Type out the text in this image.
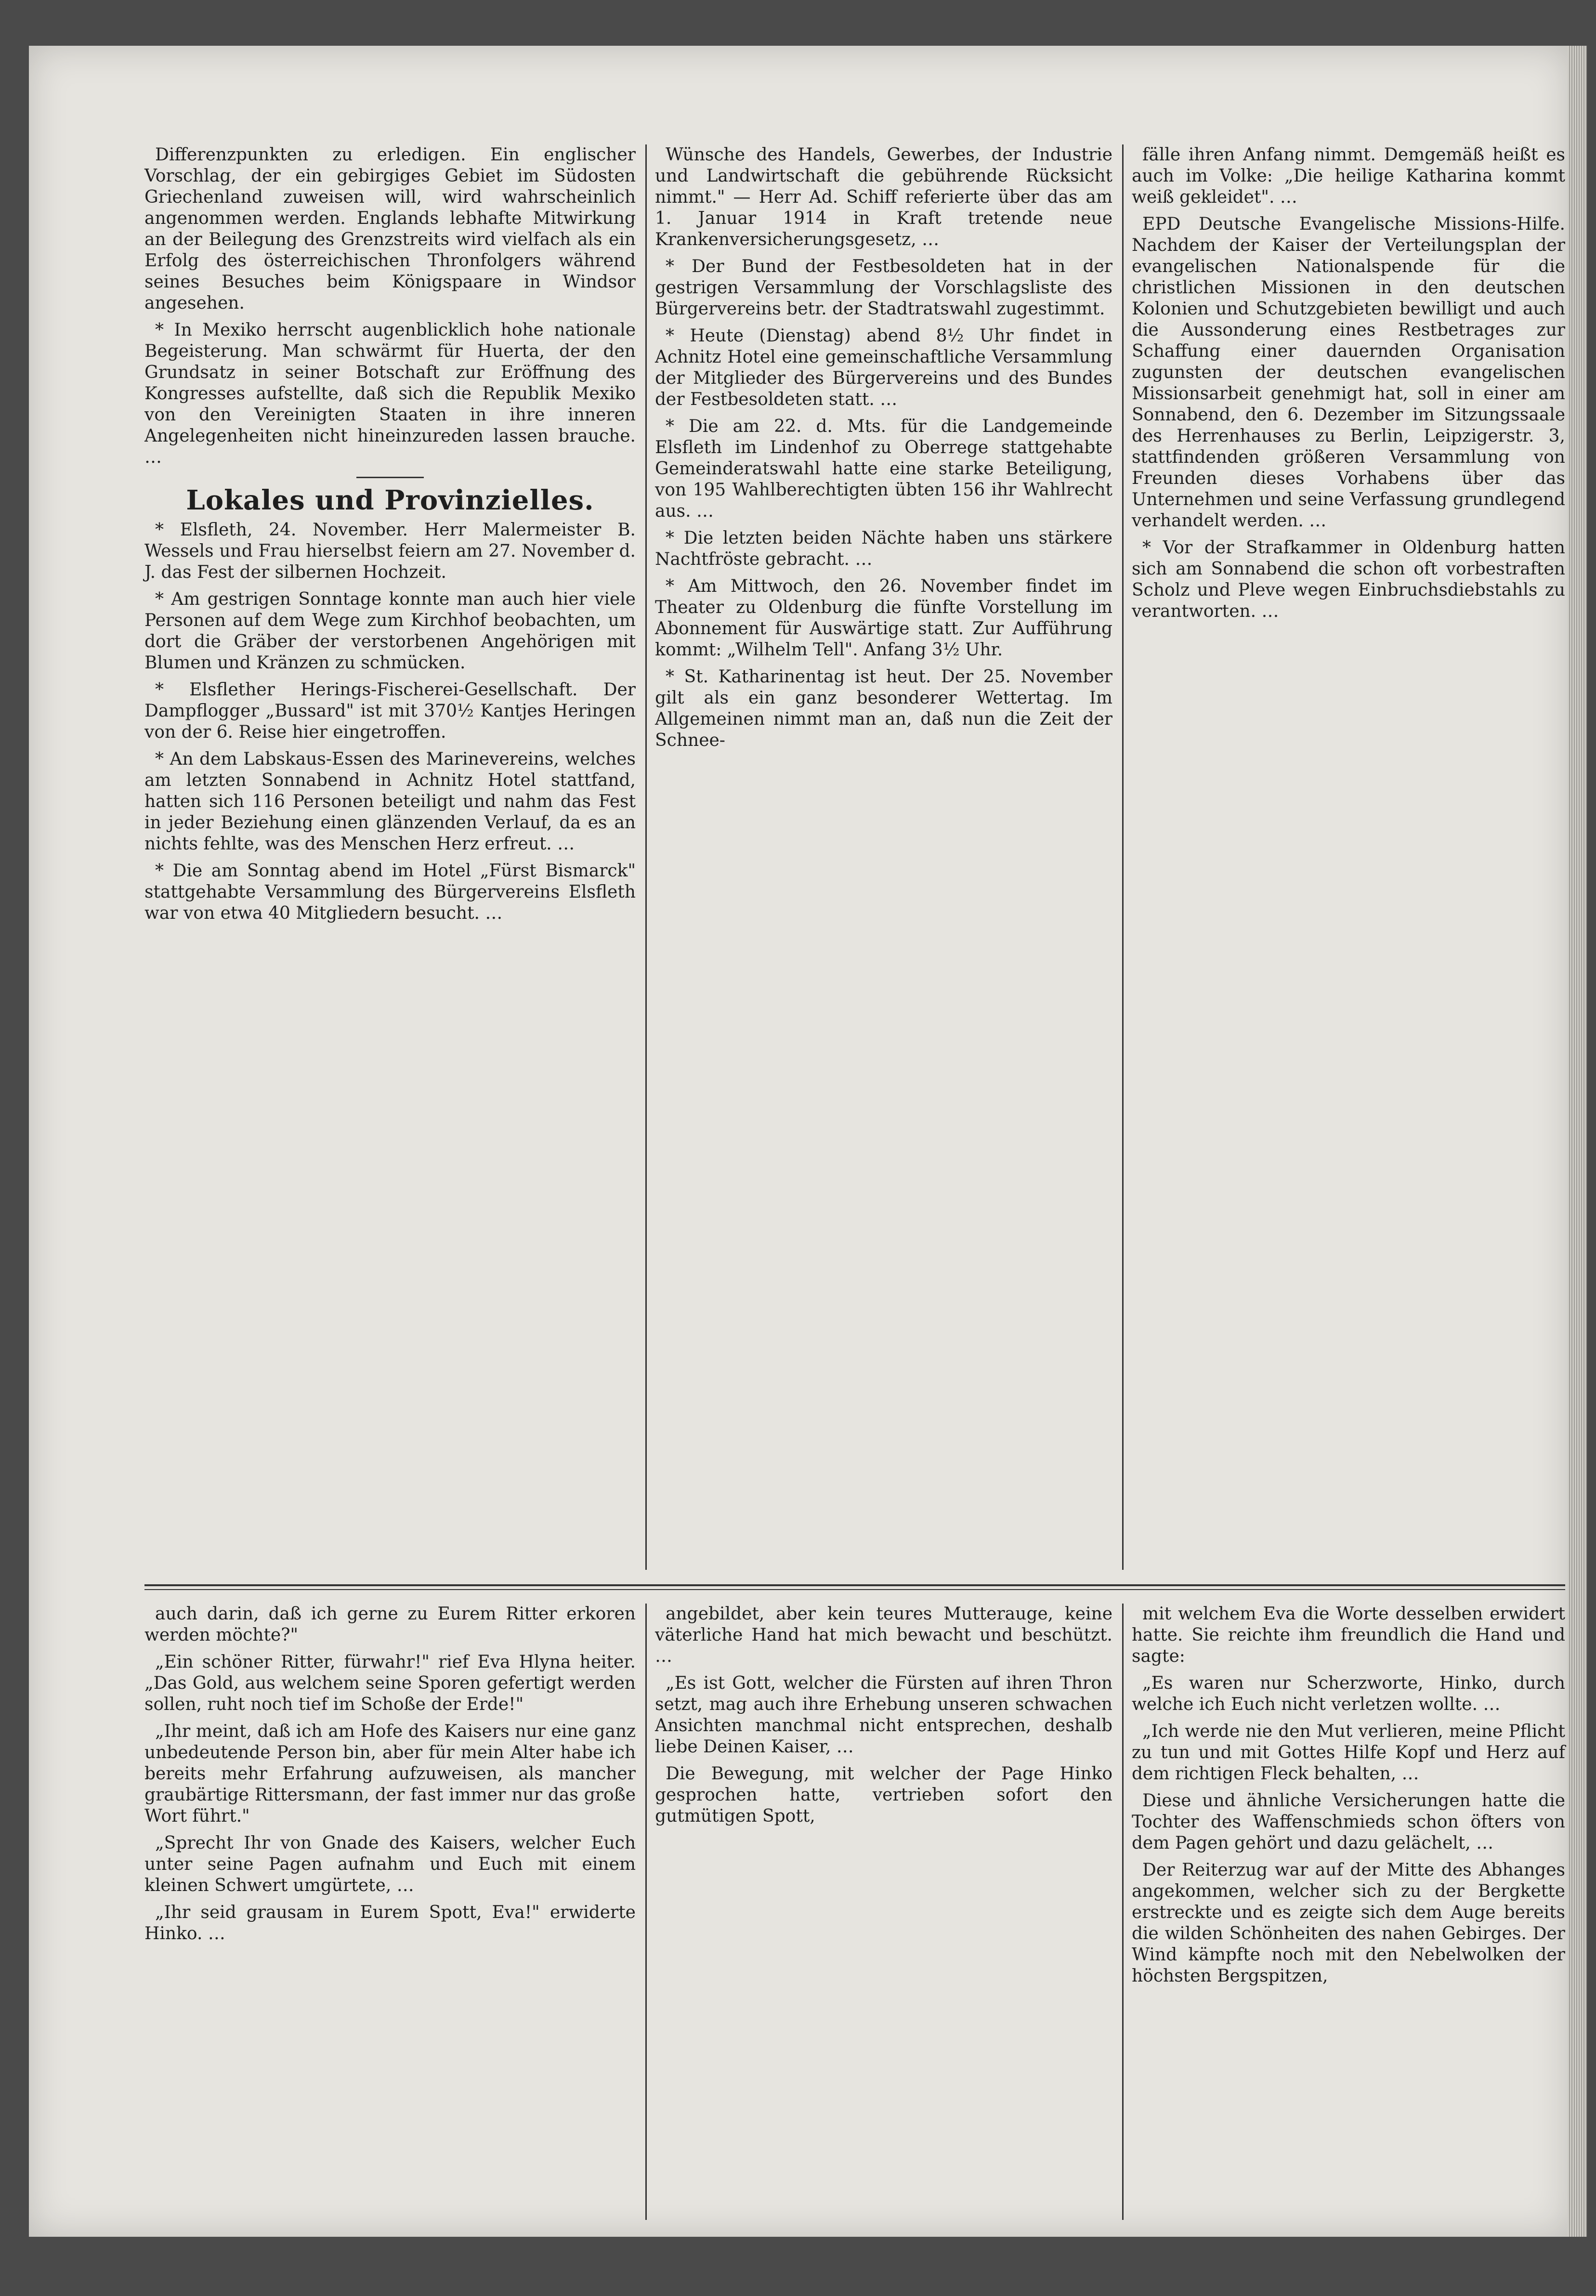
Differenzpunkten zu erledigen. Ein englischer Vorschlag, der ein gebirgiges Gebiet im Südosten Griechenland zuweisen will, wird wahrscheinlich angenommen werden. Englands lebhafte Mitwirkung an der Beilegung des Grenzstreits wird vielfach als ein Erfolg des österreichischen Thronfolgers während seines Besuches beim Königspaare in Windsor angesehen.

* In Mexiko herrscht augenblicklich hohe nationale Begeisterung. Man schwärmt für Huerta, der den Grundsatz in seiner Botschaft zur Eröffnung des Kongresses aufstellte, daß sich die Republik Mexiko von den Vereinigten Staaten in ihre inneren Angelegenheiten nicht hineinzureden lassen brauche. …

Lokales und Provinzielles.

* Elsfleth, 24. November. Herr Malermeister B. Wessels und Frau hierselbst feiern am 27. November d. J. das Fest der silbernen Hochzeit.

* Am gestrigen Sonntage konnte man auch hier viele Personen auf dem Wege zum Kirchhof beobachten, um dort die Gräber der verstorbenen Angehörigen mit Blumen und Kränzen zu schmücken.

* Elsflether Herings-Fischerei-Gesellschaft. Der Dampflogger „Bussard" ist mit 370½ Kantjes Heringen von der 6. Reise hier eingetroffen.

* An dem Labskaus-Essen des Marinevereins, welches am letzten Sonnabend in Achnitz Hotel stattfand, hatten sich 116 Personen beteiligt und nahm das Fest in jeder Beziehung einen glänzenden Verlauf, da es an nichts fehlte, was des Menschen Herz erfreut. …

* Die am Sonntag abend im Hotel „Fürst Bismarck" stattgehabte Versammlung des Bürgervereins Elsfleth war von etwa 40 Mitgliedern besucht. …

Wünsche des Handels, Gewerbes, der Industrie und Landwirtschaft die gebührende Rücksicht nimmt." — Herr Ad. Schiff referierte über das am 1. Januar 1914 in Kraft tretende neue Krankenversicherungsgesetz, …

* Der Bund der Festbesoldeten hat in der gestrigen Versammlung der Vorschlagsliste des Bürgervereins betr. der Stadtratswahl zugestimmt.

* Heute (Dienstag) abend 8½ Uhr findet in Achnitz Hotel eine gemeinschaftliche Versammlung der Mitglieder des Bürgervereins und des Bundes der Festbesoldeten statt. …

* Die am 22. d. Mts. für die Landgemeinde Elsfleth im Lindenhof zu Oberrege stattgehabte Gemeinderatswahl hatte eine starke Beteiligung, von 195 Wahlberechtigten übten 156 ihr Wahlrecht aus. …

* Die letzten beiden Nächte haben uns stärkere Nachtfröste gebracht. …

* Am Mittwoch, den 26. November findet im Theater zu Oldenburg die fünfte Vorstellung im Abonnement für Auswärtige statt. Zur Aufführung kommt: „Wilhelm Tell". Anfang 3½ Uhr.

* St. Katharinentag ist heut. Der 25. November gilt als ein ganz besonderer Wettertag. Im Allgemeinen nimmt man an, daß nun die Zeit der Schnee-

fälle ihren Anfang nimmt. Demgemäß heißt es auch im Volke: „Die heilige Katharina kommt weiß gekleidet". …

EPD Deutsche Evangelische Missions-Hilfe. Nachdem der Kaiser der Verteilungsplan der evangelischen Nationalspende für die christlichen Missionen in den deutschen Kolonien und Schutzgebieten bewilligt und auch die Aussonderung eines Restbetrages zur Schaffung einer dauernden Organisation zugunsten der deutschen evangelischen Missionsarbeit genehmigt hat, soll in einer am Sonnabend, den 6. Dezember im Sitzungssaale des Herrenhauses zu Berlin, Leipzigerstr. 3, stattfindenden größeren Versammlung von Freunden dieses Vorhabens über das Unternehmen und seine Verfassung grundlegend verhandelt werden. …

* Vor der Strafkammer in Oldenburg hatten sich am Sonnabend die schon oft vorbestraften Scholz und Pleve wegen Einbruchsdiebstahls zu verantworten. …

auch darin, daß ich gerne zu Eurem Ritter erkoren werden möchte?"

„Ein schöner Ritter, fürwahr!" rief Eva Hlyna heiter. „Das Gold, aus welchem seine Sporen gefertigt werden sollen, ruht noch tief im Schoße der Erde!"

„Ihr meint, daß ich am Hofe des Kaisers nur eine ganz unbedeutende Person bin, aber für mein Alter habe ich bereits mehr Erfahrung aufzuweisen, als mancher graubärtige Rittersmann, der fast immer nur das große Wort führt."

„Sprecht Ihr von Gnade des Kaisers, welcher Euch unter seine Pagen aufnahm und Euch mit einem kleinen Schwert umgürtete, …

„Ihr seid grausam in Eurem Spott, Eva!" erwiderte Hinko. …

angebildet, aber kein teures Mutterauge, keine väterliche Hand hat mich bewacht und beschützt. …

„Es ist Gott, welcher die Fürsten auf ihren Thron setzt, mag auch ihre Erhebung unseren schwachen Ansichten manchmal nicht entsprechen, deshalb liebe Deinen Kaiser, …

Die Bewegung, mit welcher der Page Hinko gesprochen hatte, vertrieben sofort den gutmütigen Spott,

mit welchem Eva die Worte desselben erwidert hatte. Sie reichte ihm freundlich die Hand und sagte:

„Es waren nur Scherzworte, Hinko, durch welche ich Euch nicht verletzen wollte. …

„Ich werde nie den Mut verlieren, meine Pflicht zu tun und mit Gottes Hilfe Kopf und Herz auf dem richtigen Fleck behalten, …

Diese und ähnliche Versicherungen hatte die Tochter des Waffenschmieds schon öfters von dem Pagen gehört und dazu gelächelt, …

Der Reiterzug war auf der Mitte des Abhanges angekommen, welcher sich zu der Bergkette erstreckte und es zeigte sich dem Auge bereits die wilden Schönheiten des nahen Gebirges. Der Wind kämpfte noch mit den Nebelwolken der höchsten Bergspitzen,
